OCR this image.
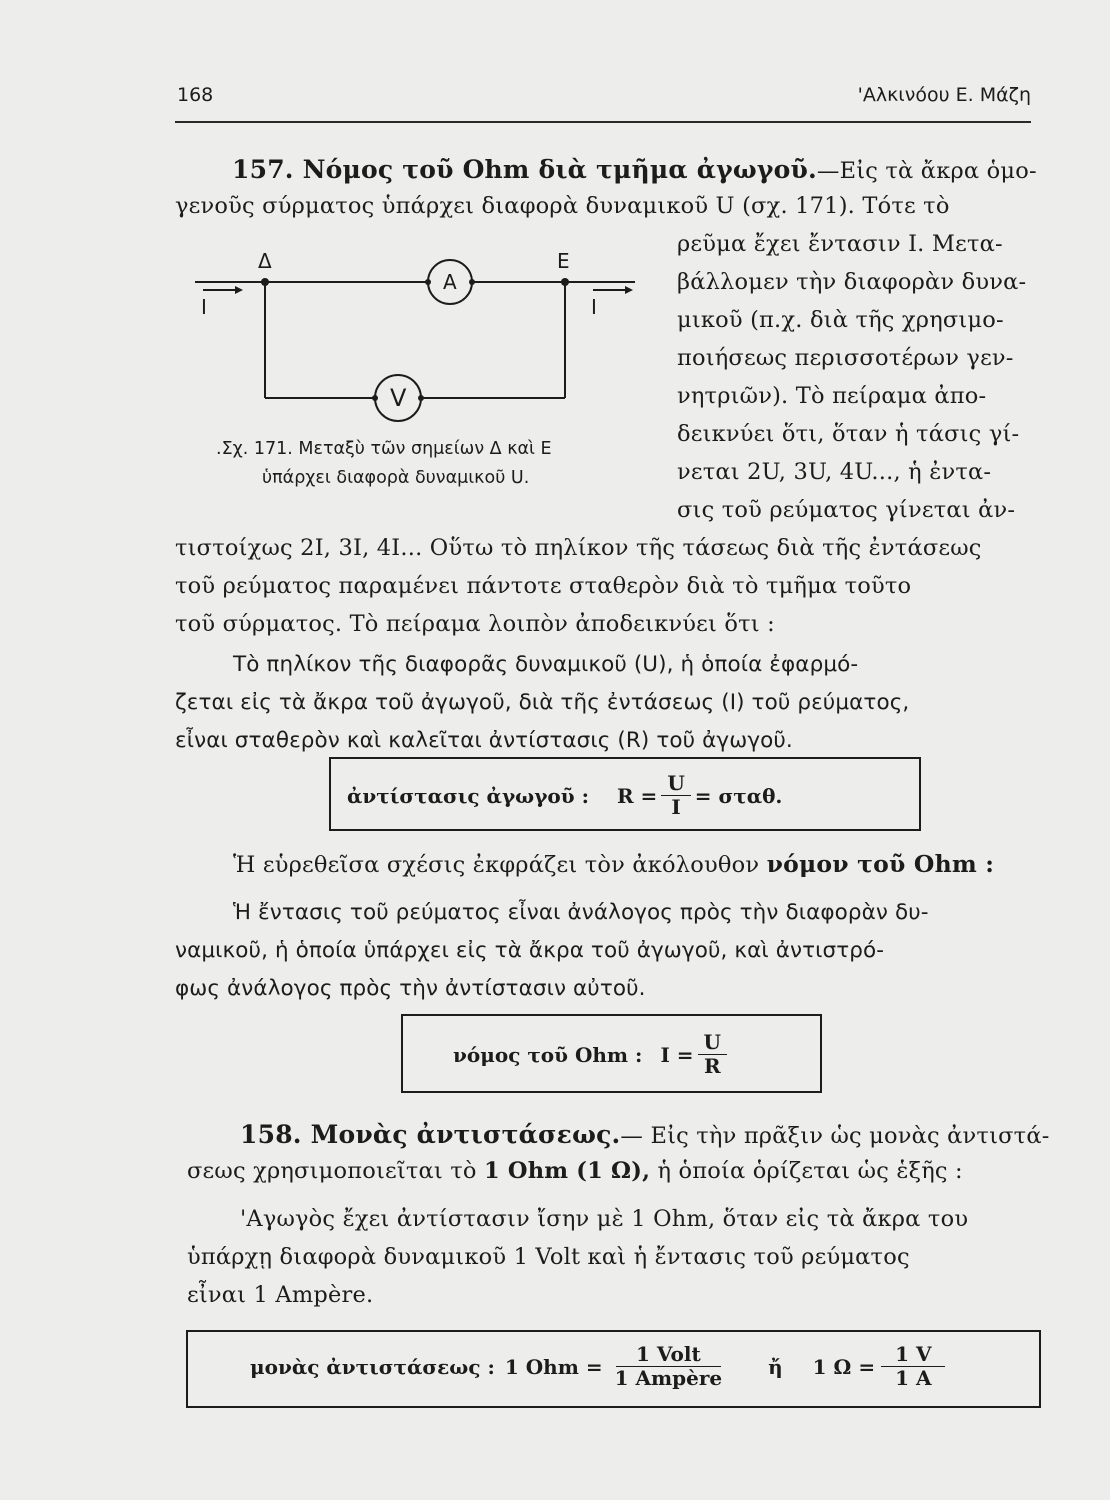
168	'Αλκινόου Ε. Μάζη
157. Νόμος τοῦ Ohm διὰ τμῆμα ἀγωγοῦ.—Εἰς τὰ ἄκρα ὁμο-
γενοῦς σύρματος ὑπάρχει διαφορὰ δυναμικοῦ U (σχ. 171). Τότε τὸ
Δ	E
I	I
A
V
.Σχ. 171. Μεταξὺ τῶν σημείων Δ καὶ Ε
ὑπάρχει διαφορὰ δυναμικοῦ U.
ρεῦμα ἔχει ἔντασιν Ι. Μετα-
βάλλομεν τὴν διαφορὰν δυνα-
μικοῦ (π.χ. διὰ τῆς χρησιμο-
ποιήσεως περισσοτέρων γεν-
νητριῶν). Τὸ πείραμα ἀπο-
δεικνύει ὅτι, ὅταν ἡ τάσις γί-
νεται 2U, 3U, 4U..., ἡ ἐντα-
σις τοῦ ρεύματος γίνεται ἀν-
τιστοίχως 2I, 3I, 4I... Οὕτω τὸ πηλίκον τῆς τάσεως διὰ τῆς ἐντάσεως
τοῦ ρεύματος παραμένει πάντοτε σταθερὸν διὰ τὸ τμῆμα τοῦτο
τοῦ σύρματος. Τὸ πείραμα λοιπὸν ἀποδεικνύει ὅτι :
Τὸ πηλίκον τῆς διαφορᾶς δυναμικοῦ (U), ἡ ὁποία ἐφαρμό-
ζεται εἰς τὰ ἄκρα τοῦ ἀγωγοῦ, διὰ τῆς ἐντάσεως (Ι) τοῦ ρεύματος,
εἶναι σταθερὸν καὶ καλεῖται ἀντίστασις (R) τοῦ ἀγωγοῦ.
ἀντίστασις ἀγωγοῦ : $R = \frac{U}{I} = \sigma\tau\alpha\theta$.
Ἡ εὑρεθεῖσα σχέσις ἐκφράζει τὸν ἀκόλουθον νόμον τοῦ Ohm :
Ἡ ἔντασις τοῦ ρεύματος εἶναι ἀνάλογος πρὸς τὴν διαφορὰν δυ-
ναμικοῦ, ἡ ὁποία ὑπάρχει εἰς τὰ ἄκρα τοῦ ἀγωγοῦ, καὶ ἀντιστρό-
φως ἀνάλογος πρὸς τὴν ἀντίστασιν αὐτοῦ.
νόμος τοῦ Ohm : $I = \frac{U}{R}$
158. Μονὰς ἀντιστάσεως.— Εἰς τὴν πρᾶξιν ὡς μονὰς ἀντιστά-
σεως χρησιμοποιεῖται τὸ 1 Ohm (1 Ω), ἡ ὁποία ὁρίζεται ὡς ἑξῆς :
'Αγωγὸς ἔχει ἀντίστασιν ἴσην μὲ 1 Ohm, ὅταν εἰς τὰ ἄκρα του
ὑπάρχῃ διαφορὰ δυναμικοῦ 1 Volt καὶ ἡ ἔντασις τοῦ ρεύματος
εἶναι 1 Ampère.
μονὰς ἀντιστάσεως : 1 Ohm = $\frac{\text{1 Volt}}{\text{1 Ampère}}$ ἤ 1 $\Omega = \frac{1 V}{1 A}$
